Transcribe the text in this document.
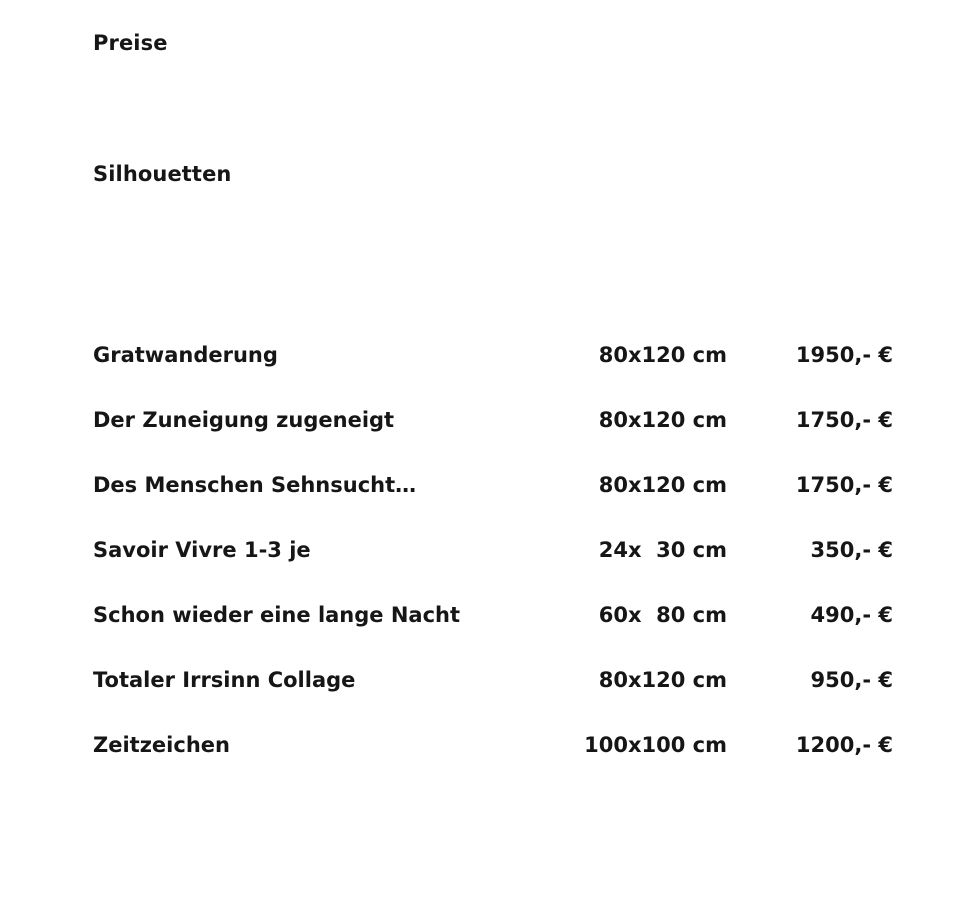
Preise
Silhouetten
Gratwanderung	80x120 cm	1950,- €
Der Zuneigung zugeneigt	80x120 cm	1750,- €
Des Menschen Sehnsucht…	80x120 cm	1750,- €
Savoir Vivre 1-3 je	24x  30 cm	350,- €
Schon wieder eine lange Nacht	60x  80 cm	490,- €
Totaler Irrsinn Collage	80x120 cm	950,- €
Zeitzeichen	100x100 cm	1200,- €
